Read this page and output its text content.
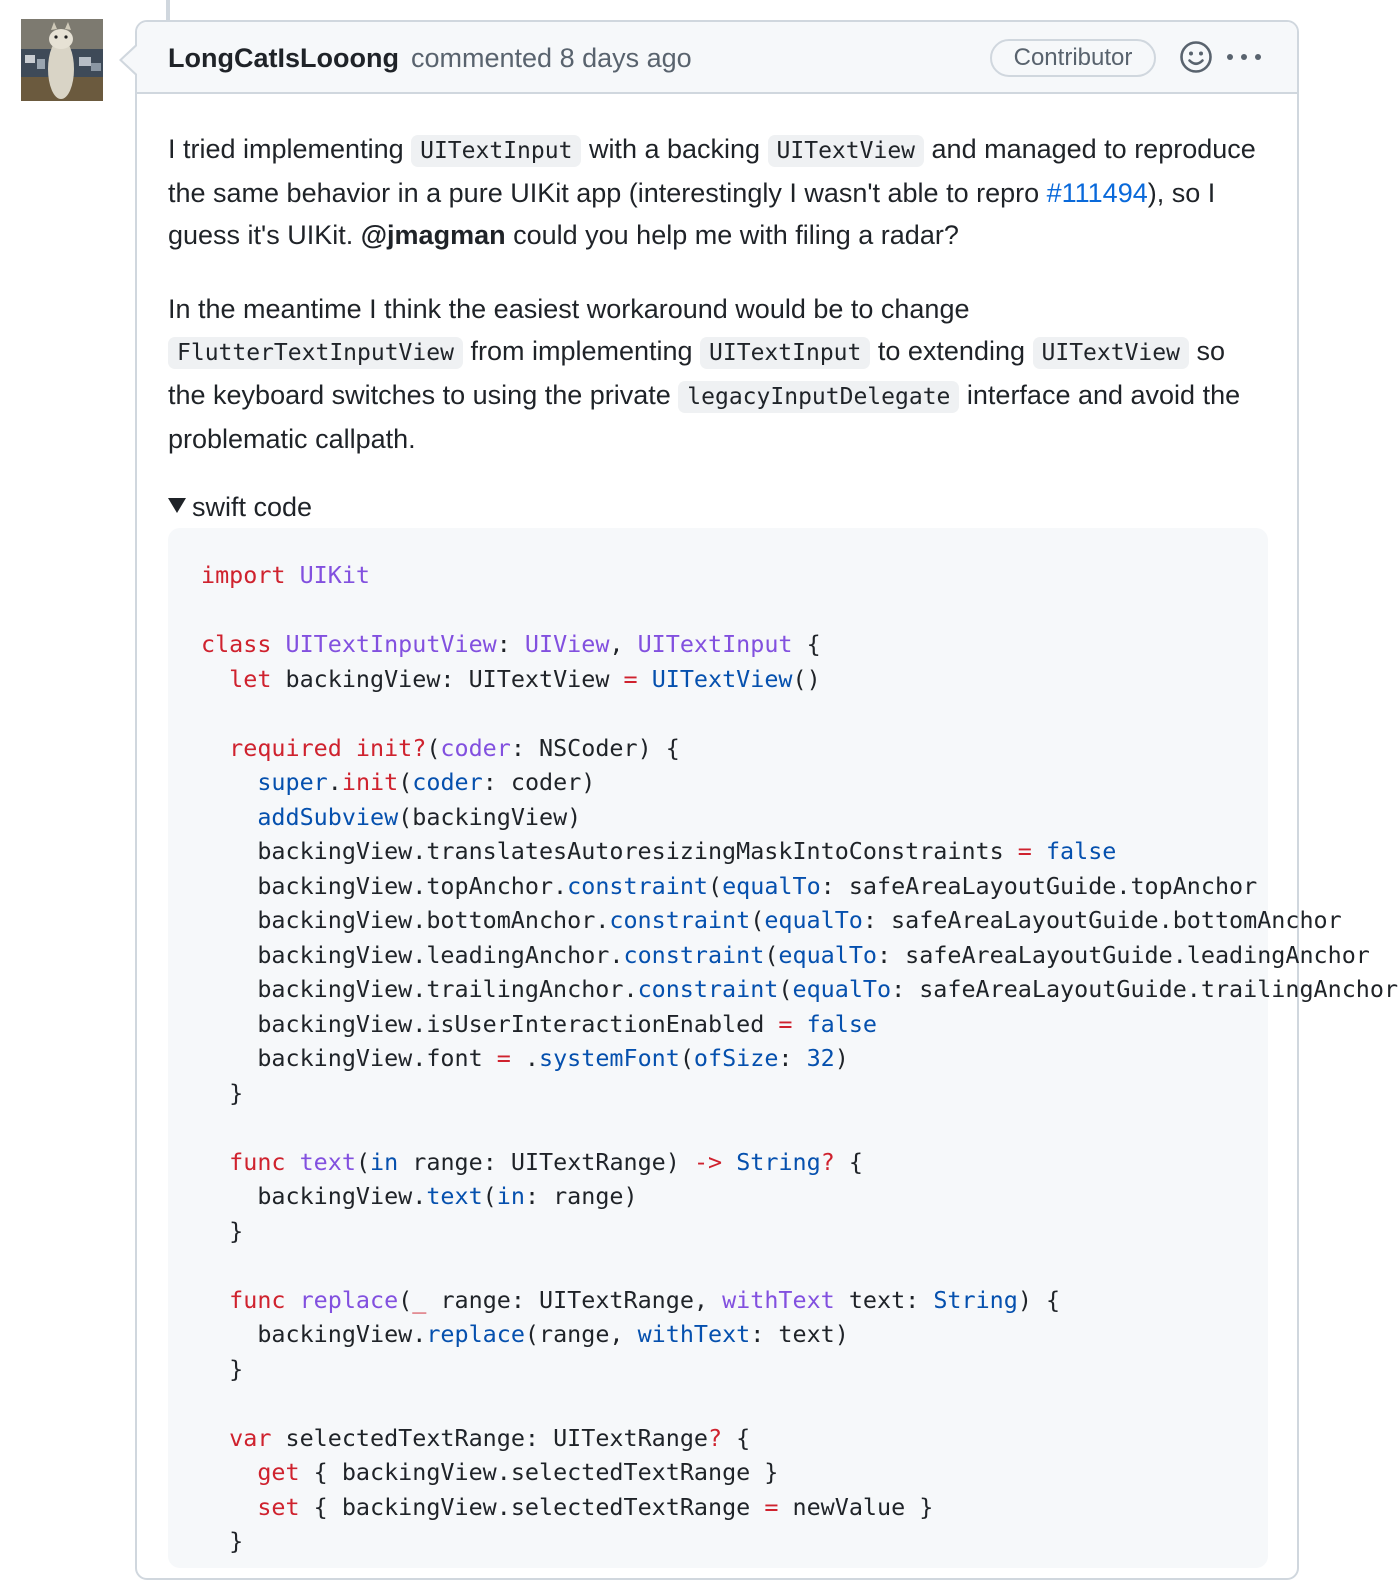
LongCatIsLooong commented 8 days ago	Contributor

I tried implementing UITextInput with a backing UITextView and managed to reproduce the same behavior in a pure UIKit app (interestingly I wasn't able to repro #111494), so I guess it's UIKit. @jmagman could you help me with filing a radar?

In the meantime I think the easiest workaround would be to change FlutterTextInputView from implementing UITextInput to extending UITextView so the keyboard switches to using the private legacyInputDelegate interface and avoid the problematic callpath.

swift code
import UIKit
class UITextInputView: UIView, UITextInput {
let backingView: UITextView = UITextView()
required init?(coder: NSCoder) {
super.init(coder: coder)
addSubview(backingView)
backingView.translatesAutoresizingMaskIntoConstraints = false
backingView.topAnchor.constraint(equalTo: safeAreaLayoutGuide.topAnchor
backingView.bottomAnchor.constraint(equalTo: safeAreaLayoutGuide.bottomAnchor
backingView.leadingAnchor.constraint(equalTo: safeAreaLayoutGuide.leadingAnchor
backingView.trailingAnchor.constraint(equalTo: safeAreaLayoutGuide.trailingAnchor
backingView.isUserInteractionEnabled = false
backingView.font = .systemFont(ofSize: 32)
}
func text(in range: UITextRange) -> String? {
backingView.text(in: range)
}
func replace(_ range: UITextRange, withText text: String) {
backingView.replace(range, withText: text)
}
var selectedTextRange: UITextRange? {
get { backingView.selectedTextRange }
set { backingView.selectedTextRange = newValue }
}
